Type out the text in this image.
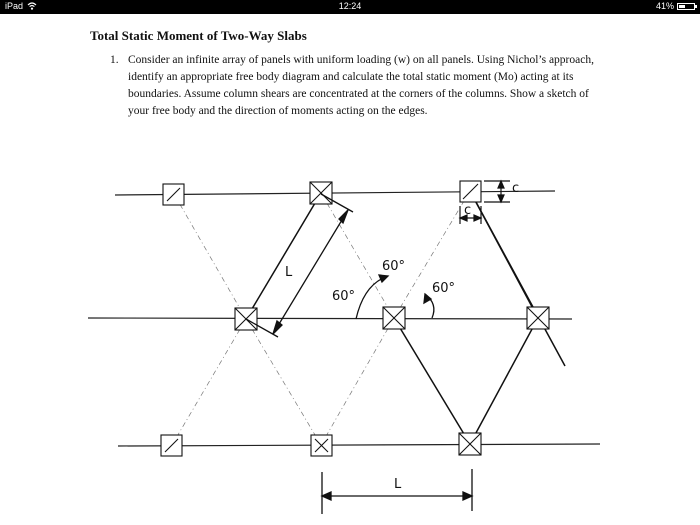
iPad	12:24	41%
Total Static Moment of Two-Way Slabs
1. Consider an infinite array of panels with uniform loading (w) on all panels. Using Nichol’s approach, identify an appropriate free body diagram and calculate the total static moment (Mo) acting at its boundaries. Assume column shears are concentrated at the corners of the columns. Show a sketch of your free body and the direction of moments acting on the edges.
L
60°
60°
60°
c
c
L
